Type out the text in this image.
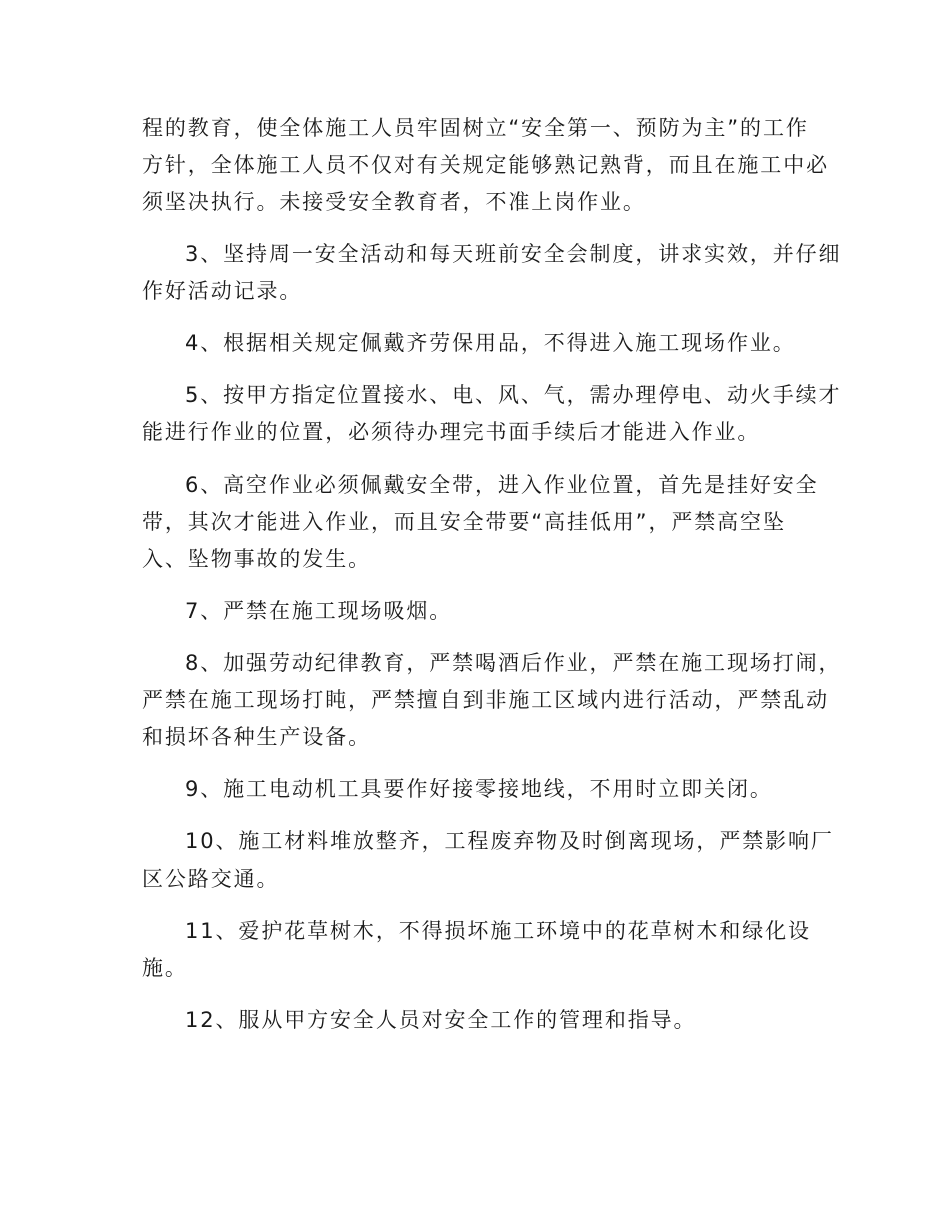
程的教育，使全体施工人员牢固树立“安全第一、预防为主”的工作
方针，全体施工人员不仅对有关规定能够熟记熟背，而且在施工中必
须坚决执行。未接受安全教育者，不准上岗作业。
3、坚持周一安全活动和每天班前安全会制度，讲求实效，并仔细
作好活动记录。
4、根据相关规定佩戴齐劳保用品，不得进入施工现场作业。
5、按甲方指定位置接水、电、风、气，需办理停电、动火手续才
能进行作业的位置，必须待办理完书面手续后才能进入作业。
6、高空作业必须佩戴安全带，进入作业位置，首先是挂好安全
带，其次才能进入作业，而且安全带要“高挂低用”，严禁高空坠
入、坠物事故的发生。
7、严禁在施工现场吸烟。
8、加强劳动纪律教育，严禁喝酒后作业，严禁在施工现场打闹，
严禁在施工现场打盹，严禁擅自到非施工区域内进行活动，严禁乱动
和损坏各种生产设备。
9、施工电动机工具要作好接零接地线，不用时立即关闭。
10、施工材料堆放整齐，工程废弃物及时倒离现场，严禁影响厂
区公路交通。
11、爱护花草树木，不得损坏施工环境中的花草树木和绿化设
施。
12、服从甲方安全人员对安全工作的管理和指导。
